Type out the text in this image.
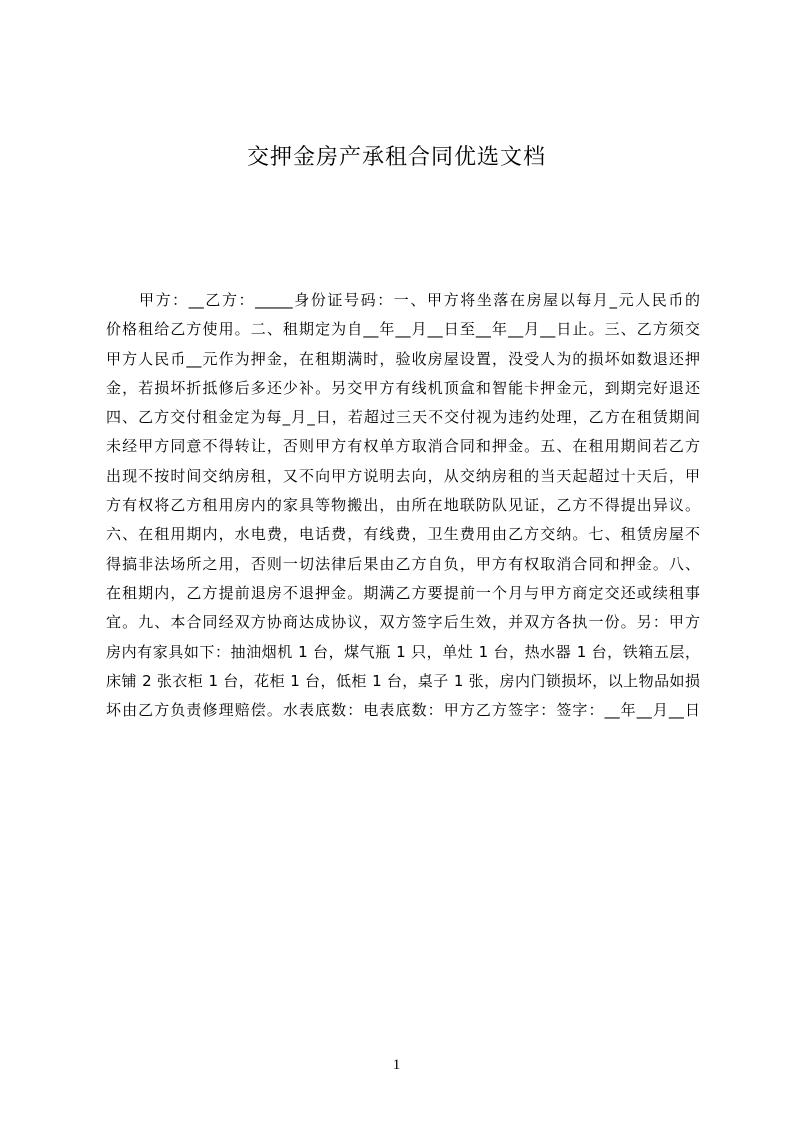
交押金房产承租合同优选文档
甲方：__乙方：_____身份证号码：一、甲方将坐落在房屋以每月_元人民币的
价格租给乙方使用。二、租期定为自__年__月__日至__年__月__日止。三、乙方须交
甲方人民币__元作为押金，在租期满时，验收房屋设置，没受人为的损坏如数退还押
金，若损坏折抵修后多还少补。另交甲方有线机顶盒和智能卡押金元，到期完好退还
四、乙方交付租金定为每_月_日，若超过三天不交付视为违约处理，乙方在租赁期间
未经甲方同意不得转让，否则甲方有权单方取消合同和押金。五、在租用期间若乙方
出现不按时间交纳房租，又不向甲方说明去向，从交纳房租的当天起超过十天后，甲
方有权将乙方租用房内的家具等物搬出，由所在地联防队见证，乙方不得提出异议。
六、在租用期内，水电费，电话费，有线费，卫生费用由乙方交纳。七、租赁房屋不
得搞非法场所之用，否则一切法律后果由乙方自负，甲方有权取消合同和押金。八、
在租期内，乙方提前退房不退押金。期满乙方要提前一个月与甲方商定交还或续租事
宜。九、本合同经双方协商达成协议，双方签字后生效，并双方各执一份。另：甲方
房内有家具如下：抽油烟机 1 台，煤气瓶 1 只，单灶 1 台，热水器 1 台，铁箱五层，
床铺 2 张衣柜 1 台，花柜 1 台，低柜 1 台，桌子 1 张，房内门锁损坏，以上物品如损
坏由乙方负责修理赔偿。水表底数：电表底数：甲方乙方签字：签字：__年__月__日
1
